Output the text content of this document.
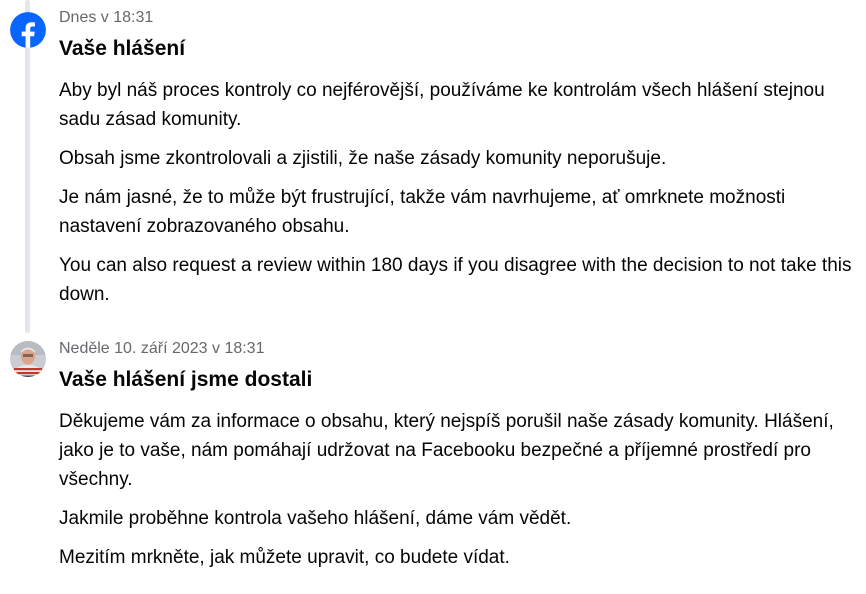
Dnes v 18:31
Vaše hlášení

Aby byl náš proces kontroly co nejférovější, používáme ke kontrolám všech hlášení stejnou sadu zásad komunity.

Obsah jsme zkontrolovali a zjistili, že naše zásady komunity neporušuje.

Je nám jasné, že to může být frustrující, takže vám navrhujeme, ať omrknete možnosti nastavení zobrazovaného obsahu.

You can also request a review within 180 days if you disagree with the decision to not take this down.

Neděle 10. září 2023 v 18:31
Vaše hlášení jsme dostali

Děkujeme vám za informace o obsahu, který nejspíš porušil naše zásady komunity. Hlášení, jako je to vaše, nám pomáhají udržovat na Facebooku bezpečné a příjemné prostředí pro všechny.

Jakmile proběhne kontrola vašeho hlášení, dáme vám vědět.

Mezitím mrkněte, jak můžete upravit, co budete vídat.
